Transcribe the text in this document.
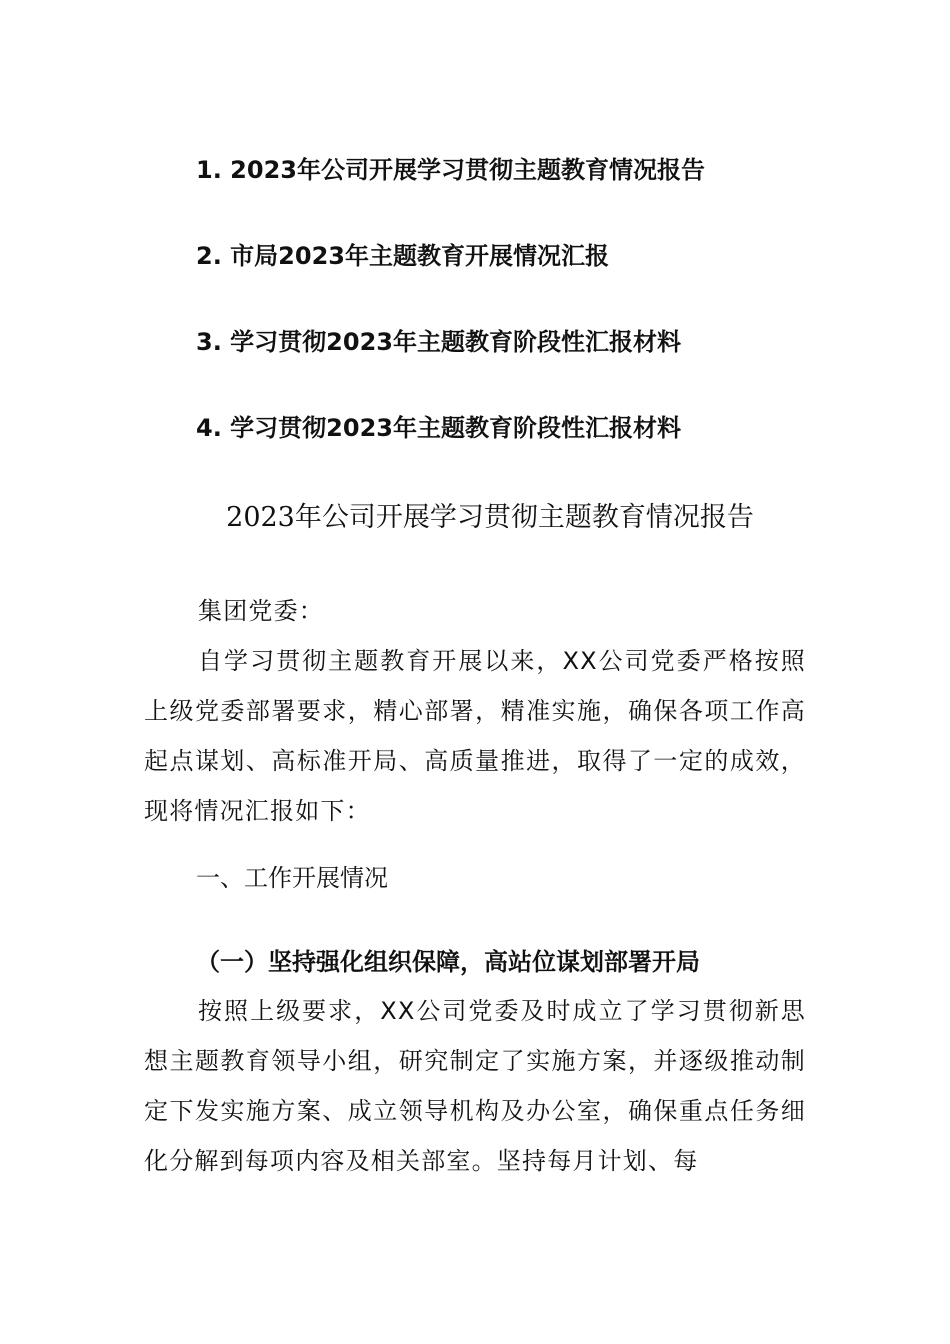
1. 2023年公司开展学习贯彻主题教育情况报告
2. 市局2023年主题教育开展情况汇报
3. 学习贯彻2023年主题教育阶段性汇报材料
4. 学习贯彻2023年主题教育阶段性汇报材料
2023年公司开展学习贯彻主题教育情况报告
集团党委：
自学习贯彻主题教育开展以来，XX公司党委严格按照上级党委部署要求，精心部署，精准实施，确保各项工作高起点谋划、高标准开局、高质量推进，取得了一定的成效，现将情况汇报如下：
一、工作开展情况
（一）坚持强化组织保障，高站位谋划部署开局
按照上级要求，XX公司党委及时成立了学习贯彻新思想主题教育领导小组，研究制定了实施方案，并逐级推动制定下发实施方案、成立领导机构及办公室，确保重点任务细化分解到每项内容及相关部室。坚持每月计划、每
